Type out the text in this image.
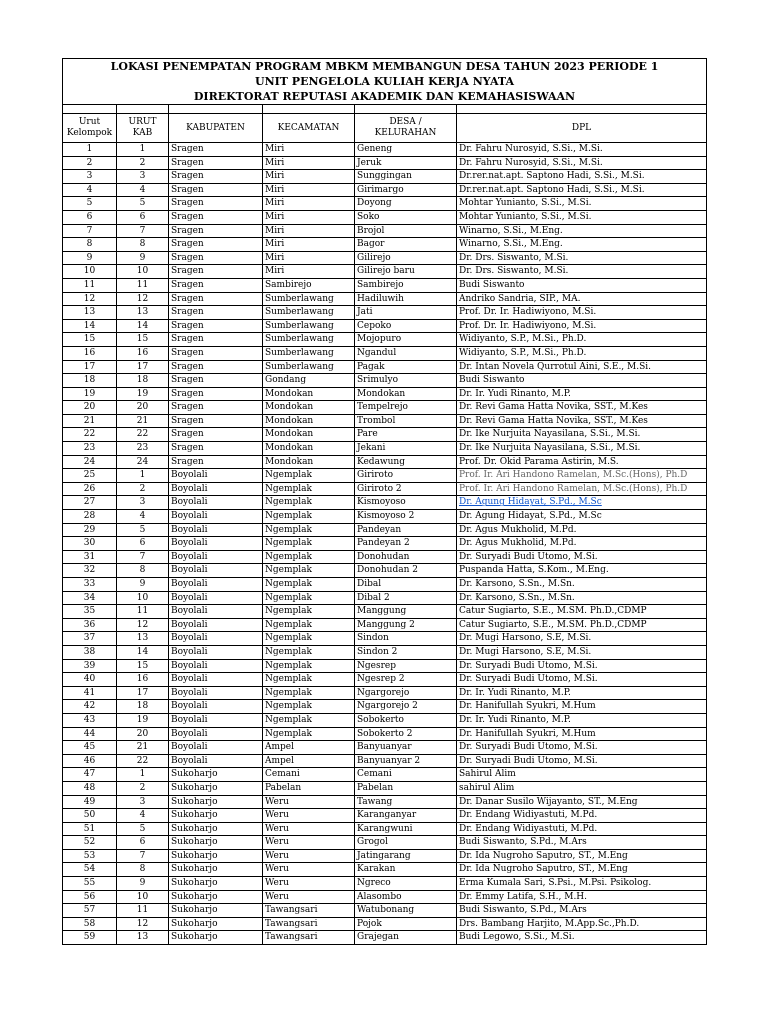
LOKASI PENEMPATAN PROGRAM MBKM MEMBANGUN DESA TAHUN 2023 PERIODE 1					
UNIT PENGELOLA KULIAH KERJA NYATA					
DIREKTORAT REPUTASI AKADEMIK DAN KEMAHASISWAAN					

Urut Kelompok	URUT KAB	KABUPATEN	KECAMATAN	DESA / KELURAHAN	DPL
1	1	Sragen	Miri	Geneng	Dr. Fahru Nurosyid, S.Si., M.Si.
2	2	Sragen	Miri	Jeruk	Dr. Fahru Nurosyid, S.Si., M.Si.
3	3	Sragen	Miri	Sunggingan	Dr.rer.nat.apt. Saptono Hadi, S.Si., M.Si.
4	4	Sragen	Miri	Girimargo	Dr.rer.nat.apt. Saptono Hadi, S.Si., M.Si.
5	5	Sragen	Miri	Doyong	Mohtar Yunianto, S.Si., M.Si.
6	6	Sragen	Miri	Soko	Mohtar Yunianto, S.Si., M.Si.
7	7	Sragen	Miri	Brojol	Winarno, S.Si., M.Eng.
8	8	Sragen	Miri	Bagor	Winarno, S.Si., M.Eng.
9	9	Sragen	Miri	Gilirejo	Dr. Drs. Siswanto, M.Si.
10	10	Sragen	Miri	Gilirejo baru	Dr. Drs. Siswanto, M.Si.
11	11	Sragen	Sambirejo	Sambirejo	Budi Siswanto
12	12	Sragen	Sumberlawang	Hadiluwih	Andriko Sandria, SIP., MA.
13	13	Sragen	Sumberlawang	Jati	Prof. Dr. Ir. Hadiwiyono, M.Si.
14	14	Sragen	Sumberlawang	Cepoko	Prof. Dr. Ir. Hadiwiyono, M.Si.
15	15	Sragen	Sumberlawang	Mojopuro	Widiyanto, S.P., M.Si., Ph.D.
16	16	Sragen	Sumberlawang	Ngandul	Widiyanto, S.P., M.Si., Ph.D.
17	17	Sragen	Sumberlawang	Pagak	Dr. Intan Novela Qurrotul Aini, S.E., M.Si.
18	18	Sragen	Gondang	Srimulyo	Budi Siswanto
19	19	Sragen	Mondokan	Mondokan	Dr. Ir. Yudi Rinanto, M.P.
20	20	Sragen	Mondokan	Tempelrejo	Dr. Revi Gama Hatta Novika, SST., M.Kes
21	21	Sragen	Mondokan	Trombol	Dr. Revi Gama Hatta Novika, SST., M.Kes
22	22	Sragen	Mondokan	Pare	Dr. Ike Nurjuita Nayasilana, S.Si., M.Si.
23	23	Sragen	Mondokan	Jekani	Dr. Ike Nurjuita Nayasilana, S.Si., M.Si.
24	24	Sragen	Mondokan	Kedawung	Prof. Dr. Okid Parama Astirin, M.S.
25	1	Boyolali	Ngemplak	Giriroto	Prof. Ir. Ari Handono Ramelan, M.Sc.(Hons), Ph.D
26	2	Boyolali	Ngemplak	Giriroto 2	Prof. Ir. Ari Handono Ramelan, M.Sc.(Hons), Ph.D
27	3	Boyolali	Ngemplak	Kismoyoso	Dr. Agung Hidayat, S.Pd., M.Sc
28	4	Boyolali	Ngemplak	Kismoyoso 2	Dr. Agung Hidayat, S.Pd., M.Sc
29	5	Boyolali	Ngemplak	Pandeyan	Dr. Agus Mukholid, M.Pd.
30	6	Boyolali	Ngemplak	Pandeyan 2	Dr. Agus Mukholid, M.Pd.
31	7	Boyolali	Ngemplak	Donohudan	Dr. Suryadi Budi Utomo, M.Si.
32	8	Boyolali	Ngemplak	Donohudan 2	Puspanda Hatta, S.Kom., M.Eng.
33	9	Boyolali	Ngemplak	Dibal	Dr. Karsono, S.Sn., M.Sn.
34	10	Boyolali	Ngemplak	Dibal 2	Dr. Karsono, S.Sn., M.Sn.
35	11	Boyolali	Ngemplak	Manggung	Catur Sugiarto, S.E., M.SM. Ph.D.,CDMP
36	12	Boyolali	Ngemplak	Manggung 2	Catur Sugiarto, S.E., M.SM. Ph.D.,CDMP
37	13	Boyolali	Ngemplak	Sindon	Dr. Mugi Harsono, S.E, M.Si.
38	14	Boyolali	Ngemplak	Sindon 2	Dr. Mugi Harsono, S.E, M.Si.
39	15	Boyolali	Ngemplak	Ngesrep	Dr. Suryadi Budi Utomo, M.Si.
40	16	Boyolali	Ngemplak	Ngesrep 2	Dr. Suryadi Budi Utomo, M.Si.
41	17	Boyolali	Ngemplak	Ngargorejo	Dr. Ir. Yudi Rinanto, M.P.
42	18	Boyolali	Ngemplak	Ngargorejo 2	Dr. Hanifullah Syukri, M.Hum
43	19	Boyolali	Ngemplak	Sobokerto	Dr. Ir. Yudi Rinanto, M.P.
44	20	Boyolali	Ngemplak	Sobokerto 2	Dr. Hanifullah Syukri, M.Hum
45	21	Boyolali	Ampel	Banyuanyar	Dr. Suryadi Budi Utomo, M.Si.
46	22	Boyolali	Ampel	Banyuanyar 2	Dr. Suryadi Budi Utomo, M.Si.
47	1	Sukoharjo	Cemani	Cemani	Sahirul Alim
48	2	Sukoharjo	Pabelan	Pabelan	sahirul Alim
49	3	Sukoharjo	Weru	Tawang	Dr. Danar Susilo Wijayanto, ST., M.Eng
50	4	Sukoharjo	Weru	Karanganyar	Dr. Endang Widiyastuti, M.Pd.
51	5	Sukoharjo	Weru	Karangwuni	Dr. Endang Widiyastuti, M.Pd.
52	6	Sukoharjo	Weru	Grogol	Budi Siswanto, S.Pd., M.Ars
53	7	Sukoharjo	Weru	Jatingarang	Dr. Ida Nugroho Saputro, ST., M.Eng
54	8	Sukoharjo	Weru	Karakan	Dr. Ida Nugroho Saputro, ST., M.Eng
55	9	Sukoharjo	Weru	Ngreco	Erma Kumala Sari, S.Psi., M.Psi. Psikolog.
56	10	Sukoharjo	Weru	Alasombo	Dr. Emmy Latifa, S.H., M.H.
57	11	Sukoharjo	Tawangsari	Watubonang	Budi Siswanto, S.Pd., M.Ars
58	12	Sukoharjo	Tawangsari	Pojok	Drs. Bambang Harjito, M.App.Sc.,Ph.D.
59	13	Sukoharjo	Tawangsari	Grajegan	Budi Legowo, S.Si., M.Si.
